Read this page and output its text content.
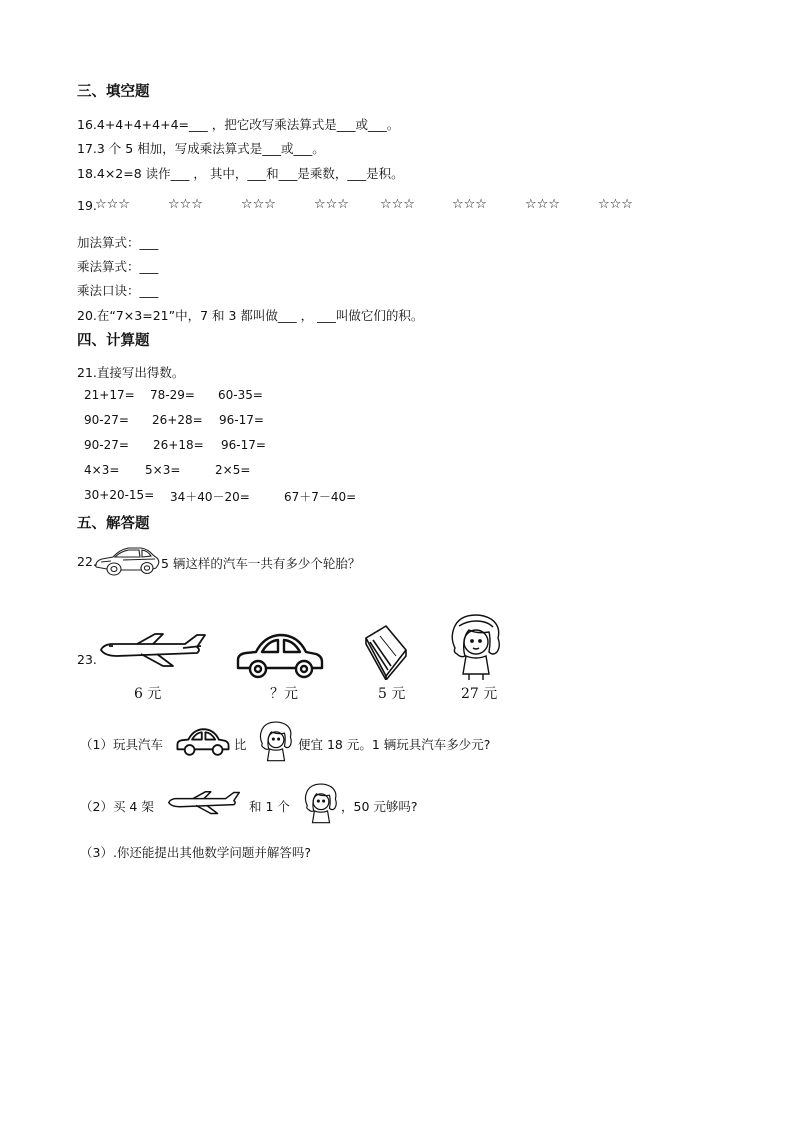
三、填空题
16.4+4+4+4+4=___ ，把它改写乘法算式是___或___。
17.3 个 5 相加，写成乘法算式是___或___。
18.4×2=8 读作___ ， 其中，___和___是乘数，___是积。
19.
☆☆☆	☆☆☆	☆☆☆	☆☆☆ ☆☆☆	☆☆☆	☆☆☆	☆☆☆
加法算式：___
乘法算式：___
乘法口诀：___
20.在“7×3=21”中，7 和 3 都叫做___ ， ___叫做它们的积。
四、计算题
21.直接写出得数。
21+17= 78-29= 60-35=
90-27= 26+28= 96-17=
90-27= 26+18= 96-17=
4×3= 5×3=	2×5=
30+20-15= 34＋40－20=	67＋7－40=
五、解答题
22.	5 辆这样的汽车一共有多少个轮胎？
23.
6 元	？元	5 元	27 元
（1）玩具汽车	比	便宜 18 元。1 辆玩具汽车多少元?
（2）买 4 架	和 1 个	，50 元够吗?
（3）.你还能提出其他数学问题并解答吗?
